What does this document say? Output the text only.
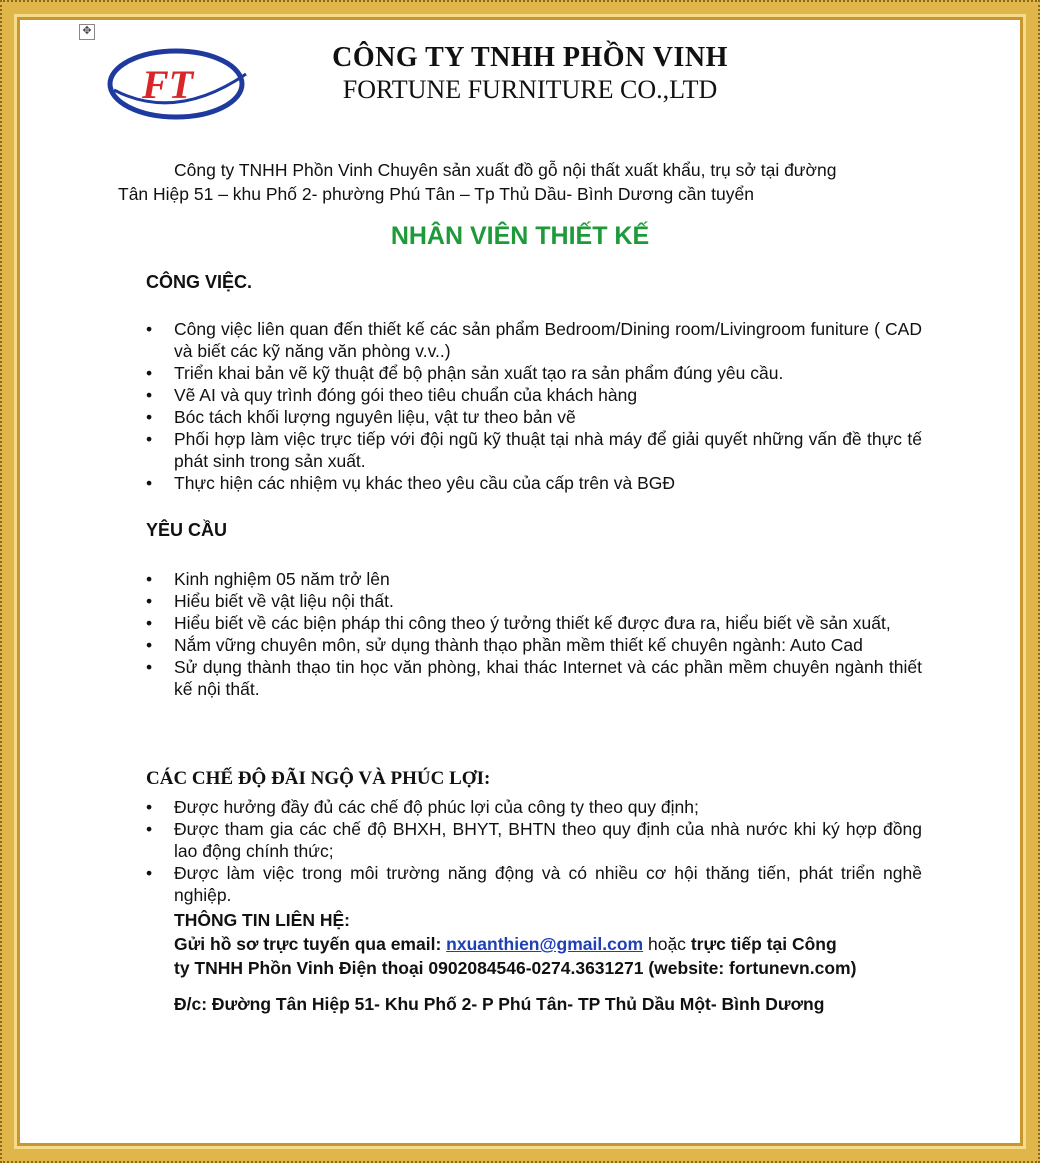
✥
FT
CÔNG TY TNHH PHỒN VINH
FORTUNE FURNITURE CO.,LTD
Công ty TNHH Phồn Vinh Chuyên sản xuất đồ gỗ nội thất xuất khẩu, trụ sở tại đường
Tân Hiệp 51 – khu Phố 2- phường Phú Tân – Tp Thủ Dầu- Bình Dương cần tuyển
NHÂN VIÊN THIẾT KẾ
CÔNG VIỆC.
• Công việc liên quan đến thiết kế các sản phẩm Bedroom/Dining room/Livingroom funiture ( CAD và biết các kỹ năng văn phòng v.v..)
• Triển khai bản vẽ kỹ thuật để bộ phận sản xuất tạo ra sản phẩm đúng yêu cầu.
• Vẽ AI và quy trình đóng gói theo tiêu chuẩn của khách hàng
• Bóc tách khối lượng nguyên liệu, vật tư theo bản vẽ
• Phối hợp làm việc trực tiếp với đội ngũ kỹ thuật tại nhà máy để giải quyết những vấn đề thực tế phát sinh trong sản xuất.
• Thực hiện các nhiệm vụ khác theo yêu cầu của cấp trên và BGĐ
YÊU CẦU
• Kinh nghiệm 05 năm trở lên
• Hiểu biết về vật liệu nội thất.
• Hiểu biết về các biện pháp thi công theo ý tưởng thiết kế được đưa ra, hiểu biết về sản xuất,
• Nắm vững chuyên môn, sử dụng thành thạo phần mềm thiết kế chuyên ngành: Auto Cad
• Sử dụng thành thạo tin học văn phòng, khai thác Internet và các phần mềm chuyên ngành thiết kế nội thất.
CÁC CHẾ ĐỘ ĐÃI NGỘ VÀ PHÚC LỢI:
• Được hưởng đầy đủ các chế độ phúc lợi của công ty theo quy định;
• Được tham gia các chế độ BHXH, BHYT, BHTN theo quy định của nhà nước khi ký hợp đồng lao động chính thức;
• Được làm việc trong môi trường năng động và có nhiều cơ hội thăng tiến, phát triển nghề nghiệp.
THÔNG TIN LIÊN HỆ:
Gửi hồ sơ trực tuyến qua email: nxuanthien@gmail.com hoặc trực tiếp tại Công
ty TNHH Phồn Vinh Điện thoại 0902084546-0274.3631271 (website: fortunevn.com)
Đ/c: Đường Tân Hiệp 51- Khu Phố 2- P Phú Tân- TP Thủ Dầu Một- Bình Dương
